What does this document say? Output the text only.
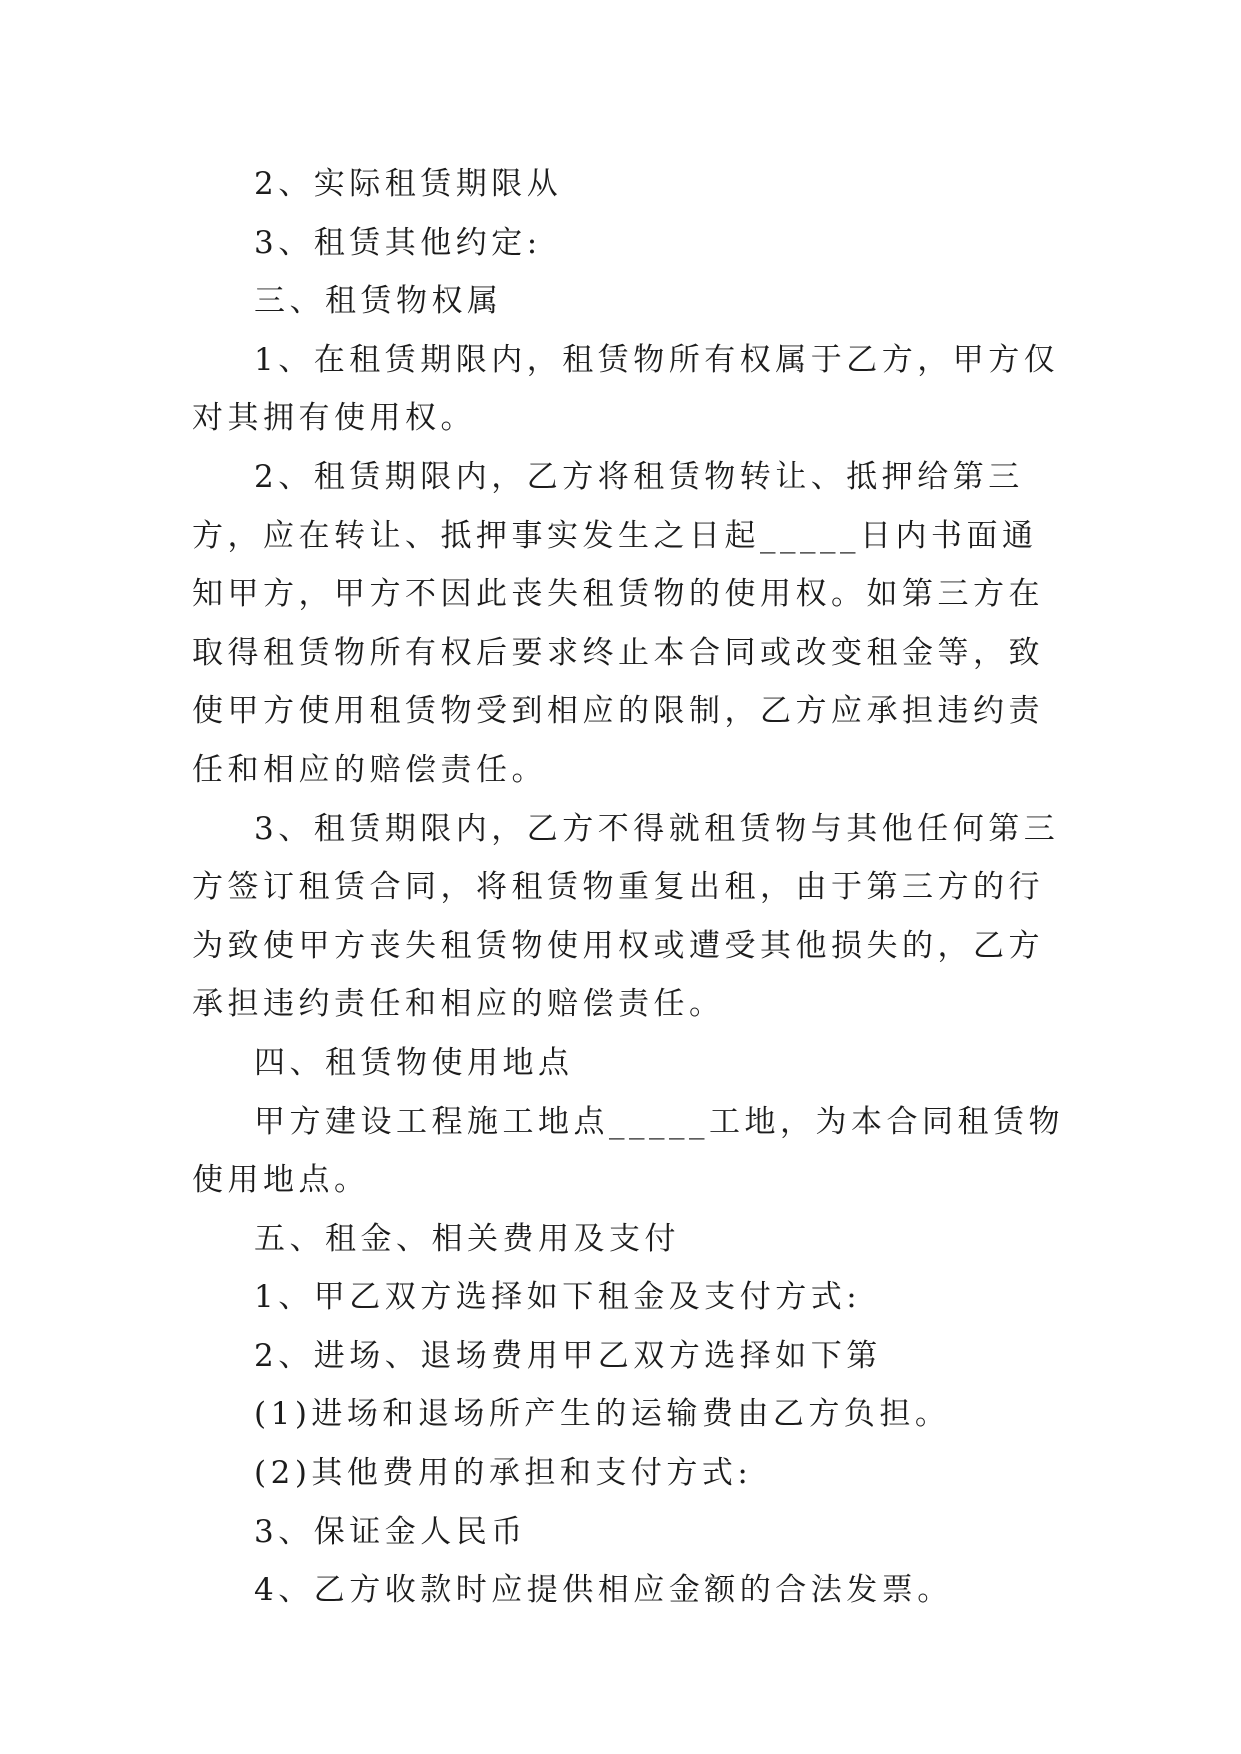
2、实际租赁期限从

3、租赁其他约定:

三、租赁物权属

1、在租赁期限内，租赁物所有权属于乙方，甲方仅对其拥有使用权。

2、租赁期限内，乙方将租赁物转让、抵押给第三方，应在转让、抵押事实发生之日起_____日内书面通知甲方，甲方不因此丧失租赁物的使用权。如第三方在取得租赁物所有权后要求终止本合同或改变租金等，致使甲方使用租赁物受到相应的限制，乙方应承担违约责任和相应的赔偿责任。

3、租赁期限内，乙方不得就租赁物与其他任何第三方签订租赁合同，将租赁物重复出租，由于第三方的行为致使甲方丧失租赁物使用权或遭受其他损失的，乙方承担违约责任和相应的赔偿责任。

四、租赁物使用地点

甲方建设工程施工地点_____工地，为本合同租赁物使用地点。

五、租金、相关费用及支付

1、甲乙双方选择如下租金及支付方式:

2、进场、退场费用甲乙双方选择如下第

(1)进场和退场所产生的运输费由乙方负担。

(2)其他费用的承担和支付方式:

3、保证金人民币

4、乙方收款时应提供相应金额的合法发票。
